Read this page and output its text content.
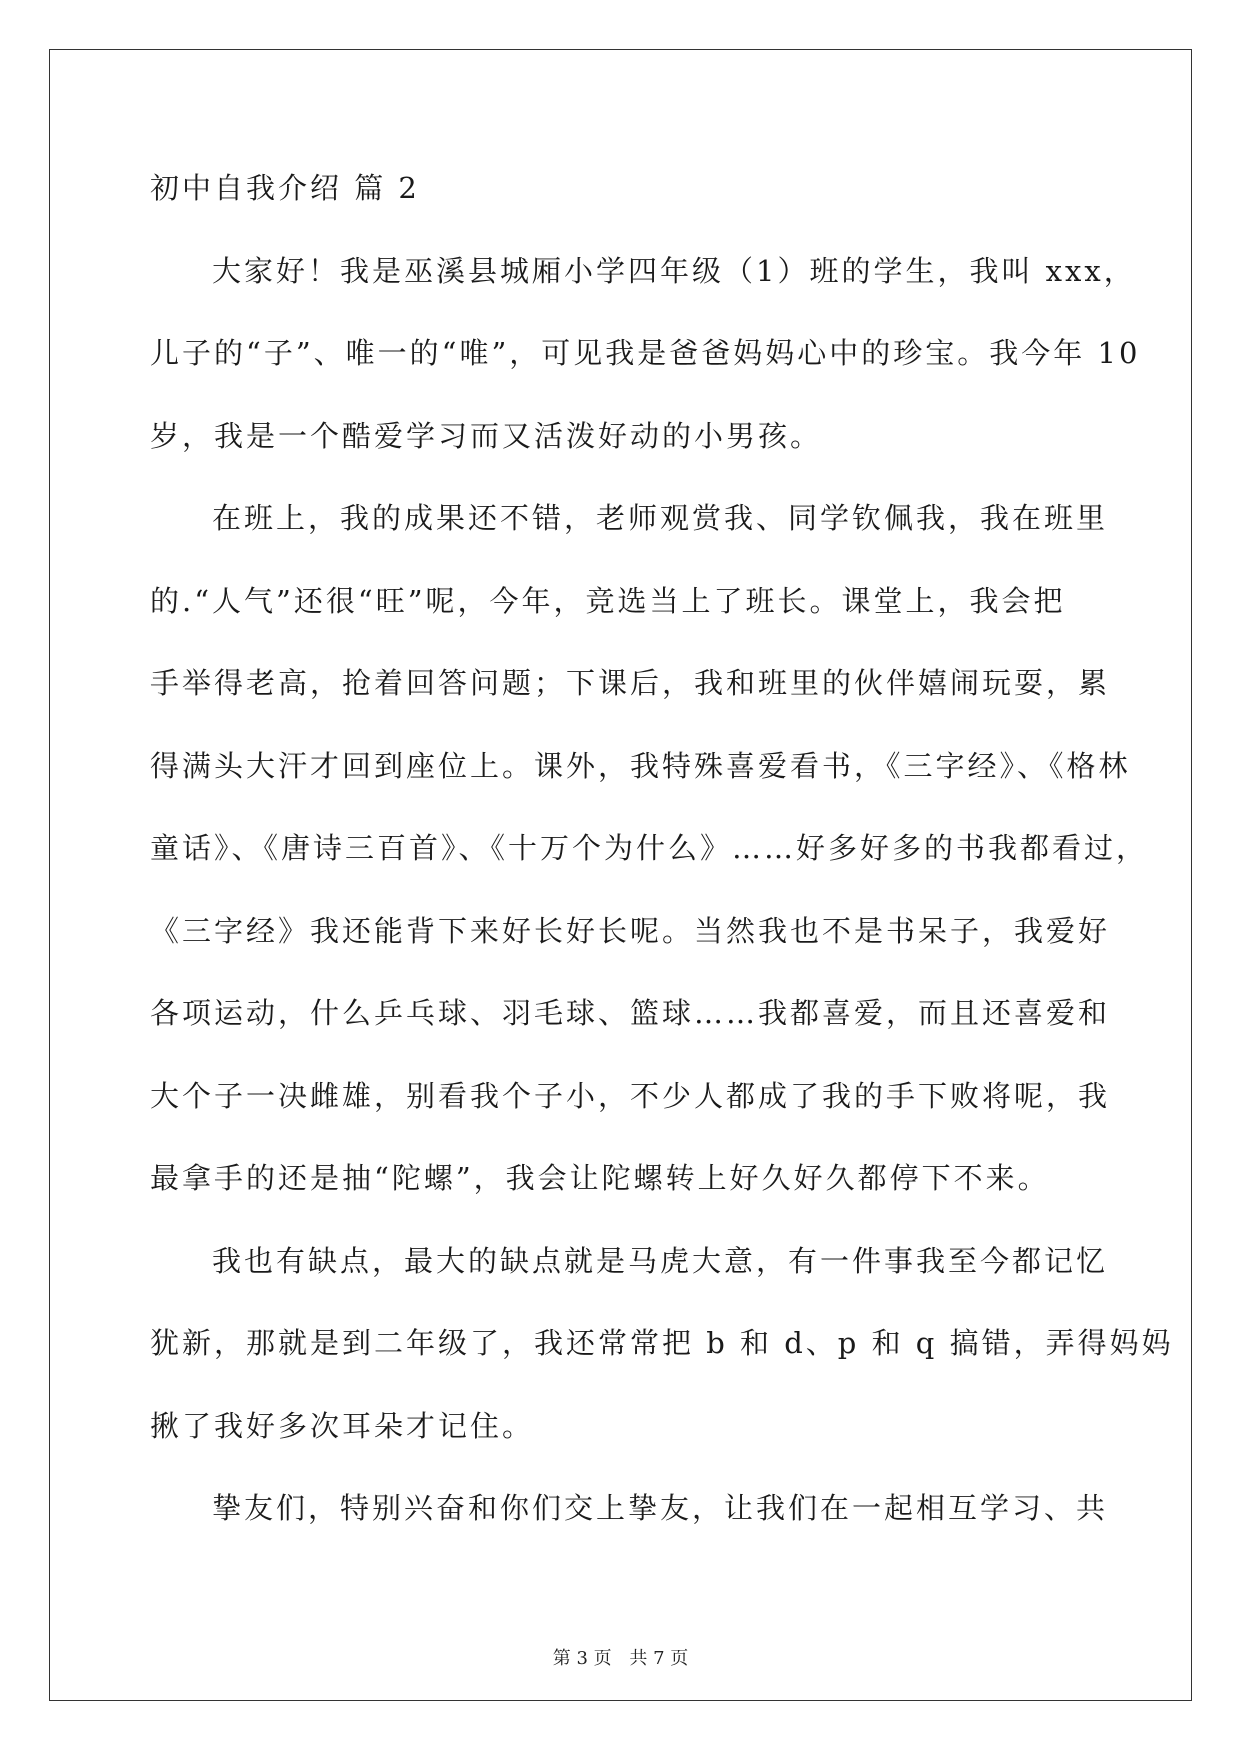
初中自我介绍 篇 2
大家好！我是巫溪县城厢小学四年级（1）班的学生，我叫 xxx，
儿子的“子”、唯一的“唯”，可见我是爸爸妈妈心中的珍宝。我今年 10
岁，我是一个酷爱学习而又活泼好动的小男孩。
在班上，我的成果还不错，老师观赏我、同学钦佩我，我在班里
的.“人气”还很“旺”呢，今年，竞选当上了班长。课堂上，我会把
手举得老高，抢着回答问题；下课后，我和班里的伙伴嬉闹玩耍，累
得满头大汗才回到座位上。课外，我特殊喜爱看书，《三字经》、《格林
童话》、《唐诗三百首》、《十万个为什么》……好多好多的书我都看过，
《三字经》我还能背下来好长好长呢。当然我也不是书呆子，我爱好
各项运动，什么乒乓球、羽毛球、篮球……我都喜爱，而且还喜爱和
大个子一决雌雄，别看我个子小，不少人都成了我的手下败将呢，我
最拿手的还是抽“陀螺”，我会让陀螺转上好久好久都停下不来。
我也有缺点，最大的缺点就是马虎大意，有一件事我至今都记忆
犹新，那就是到二年级了，我还常常把 b 和 d、p 和 q 搞错，弄得妈妈
揪了我好多次耳朵才记住。
挚友们，特别兴奋和你们交上挚友，让我们在一起相互学习、共
第 3 页 共 7 页
